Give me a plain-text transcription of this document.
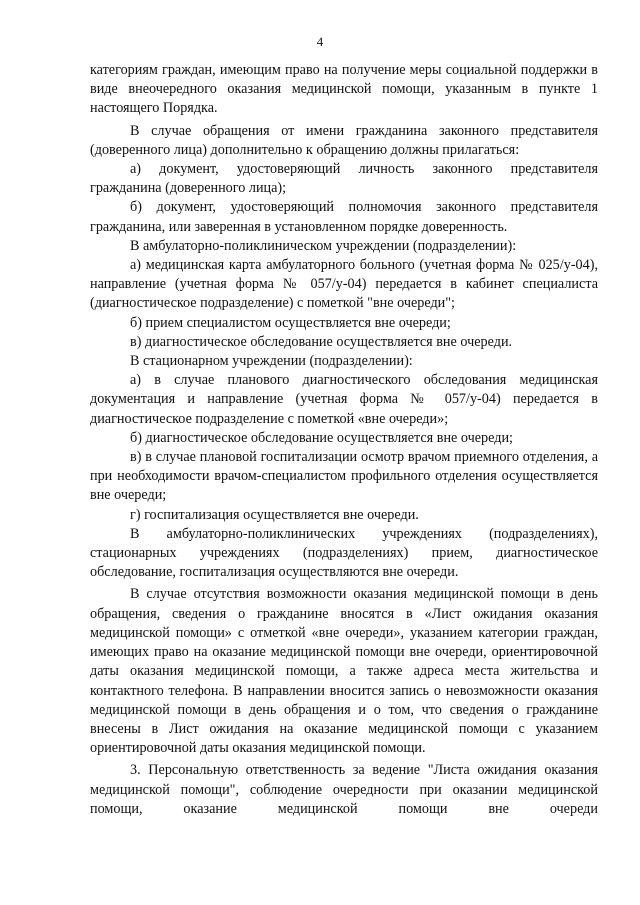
4

категориям граждан, имеющим право на получение меры социальной поддержки в виде внеочередного оказания медицинской помощи, указанным в пункте 1 настоящего Порядка.

В случае обращения от имени гражданина законного представителя (доверенного лица) дополнительно к обращению должны прилагаться:

а) документ, удостоверяющий личность законного представителя гражданина (доверенного лица);

б) документ, удостоверяющий полномочия законного представителя гражданина, или заверенная в установленном порядке доверенность.

В амбулаторно-поликлиническом учреждении (подразделении):

а) медицинская карта амбулаторного больного (учетная форма № 025/у-04), направление (учетная форма № 057/у-04) передается в кабинет специалиста (диагностическое подразделение) с пометкой "вне очереди";

б) прием специалистом осуществляется вне очереди;

в) диагностическое обследование осуществляется вне очереди.

В стационарном учреждении (подразделении):

а) в случае планового диагностического обследования медицинская документация и направление (учетная форма № 057/у-04) передается в диагностическое подразделение с пометкой «вне очереди»;

б) диагностическое обследование осуществляется вне очереди;

в) в случае плановой госпитализации осмотр врачом приемного отделения, а при необходимости врачом-специалистом профильного отделения осуществляется вне очереди;

г) госпитализация осуществляется вне очереди.

В амбулаторно-поликлинических учреждениях (подразделениях), стационарных учреждениях (подразделениях) прием, диагностическое обследование, госпитализация осуществляются вне очереди.

В случае отсутствия возможности оказания медицинской помощи в день обращения, сведения о гражданине вносятся в «Лист ожидания оказания медицинской помощи» с отметкой «вне очереди», указанием категории граждан, имеющих право на оказание медицинской помощи вне очереди, ориентировочной даты оказания медицинской помощи, а также адреса места жительства и контактного телефона. В направлении вносится запись о невозможности оказания медицинской помощи в день обращения и о том, что сведения о гражданине внесены в Лист ожидания на оказание медицинской помощи с указанием ориентировочной даты оказания медицинской помощи.

3. Персональную ответственность за ведение "Листа ожидания оказания медицинской помощи", соблюдение очередности при оказании медицинской помощи, оказание медицинской помощи вне очереди
